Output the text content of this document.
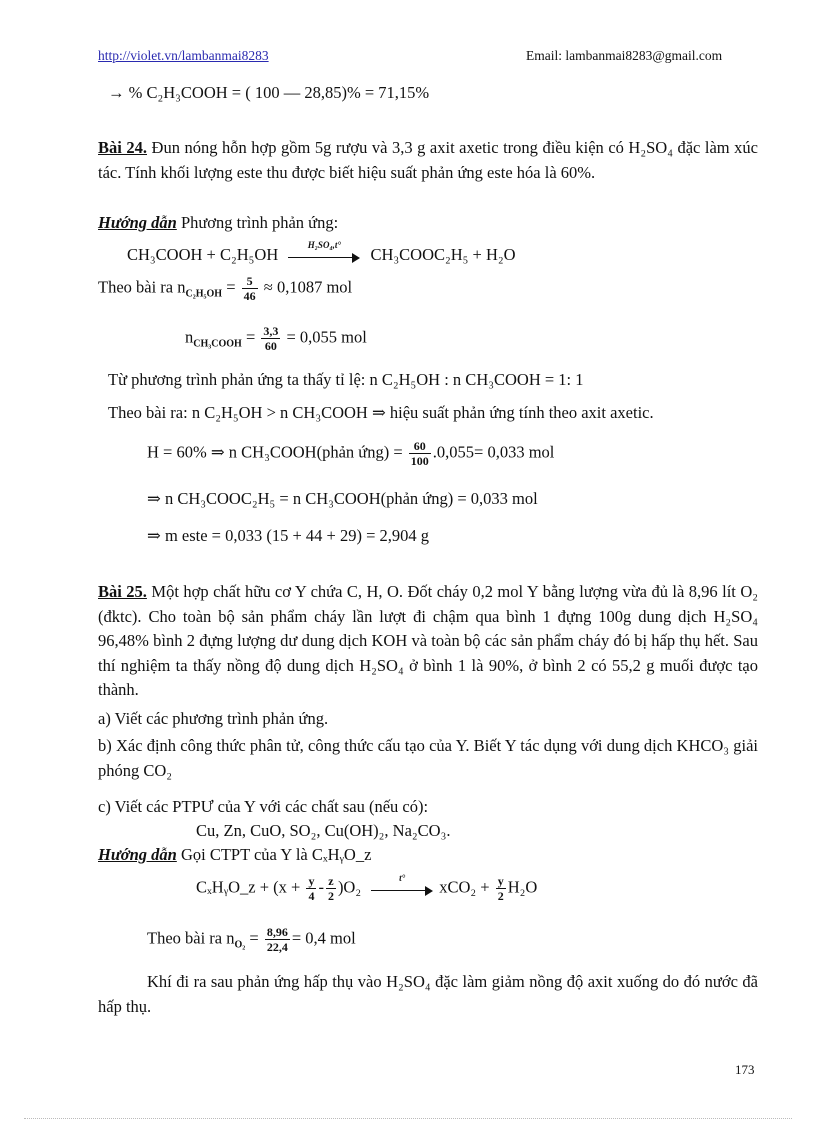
http://violet.vn/lambanmai8283	Email: lambanmai8283@gmail.com
→ % C₂H₃COOH = ( 100 — 28,85)% = 71,15%
Bài 24. Đun nóng hỗn hợp gồm 5g rượu và 3,3 g axit axetic trong điều kiện có H₂SO₄ đặc làm xúc tác. Tính khối lượng este thu được biết hiệu suất phản ứng este hóa là 60%.
Hướng dẫn Phương trình phản ứng:
CH₃COOH + C₂H₅OH	H₂SO₄,t°	CH₃COOC₂H₅ + H₂O
Theo bài ra $n_{C_2H_5OH} = \frac{5}{46} \approx 0,1087$ mol
$n_{CH_3COOH} = \frac{3,3}{60} = 0,055$ mol
Từ phương trình phản ứng ta thấy tỉ lệ: n C₂H₅OH : n CH₃COOH = 1: 1
Theo bài ra: n C₂H₅OH > n CH₃COOH ⇒ hiệu suất phản ứng tính theo axit axetic.
H = 60% ⇒ n CH₃COOH(phản ứng) = $\frac{60}{100} .0,055= 0,033$ mol
⇒ n CH₃COOC₂H₅ = n CH₃COOH(phản ứng) = 0,033 mol
⇒ m este = 0,033 (15 + 44 + 29) = 2,904 g
Bài 25. Một hợp chất hữu cơ Y chứa C, H, O. Đốt cháy 0,2 mol Y bằng lượng vừa đủ là 8,96 lít O₂ (đktc). Cho toàn bộ sản phẩm cháy lần lượt đi chậm qua bình 1 đựng 100g dung dịch H₂SO₄ 96,48% bình 2 đựng lượng dư dung dịch KOH và toàn bộ các sản phẩm cháy đó bị hấp thụ hết. Sau thí nghiệm ta thấy nồng độ dung dịch H₂SO₄ ở bình 1 là 90%, ở bình 2 có 55,2 g muối được tạo thành.
a) Viết các phương trình phản ứng.
b) Xác định công thức phân tử, công thức cấu tạo của Y. Biết Y tác dụng với dung dịch KHCO₃ giải phóng CO₂
c) Viết các PTPƯ của Y với các chất sau (nếu có):
Cu, Zn, CuO, SO₂, Cu(OH)₂, Na₂CO₃.
Hướng dẫn Gọi CTPT của Y là CₓHᵧO_z
CₓHᵧO_z + $(x + \frac{y}{4} - \frac{z}{2} )O_2$	t°	$xCO_2 + \frac{y}{2} H_2O$
Theo bài ra $n_{O_2} = \frac{8,96}{22,4} = 0,4$ mol
Khí đi ra sau phản ứng hấp thụ vào H₂SO₄ đặc làm giảm nồng độ axit xuống do đó nước đã hấp thụ.
173
